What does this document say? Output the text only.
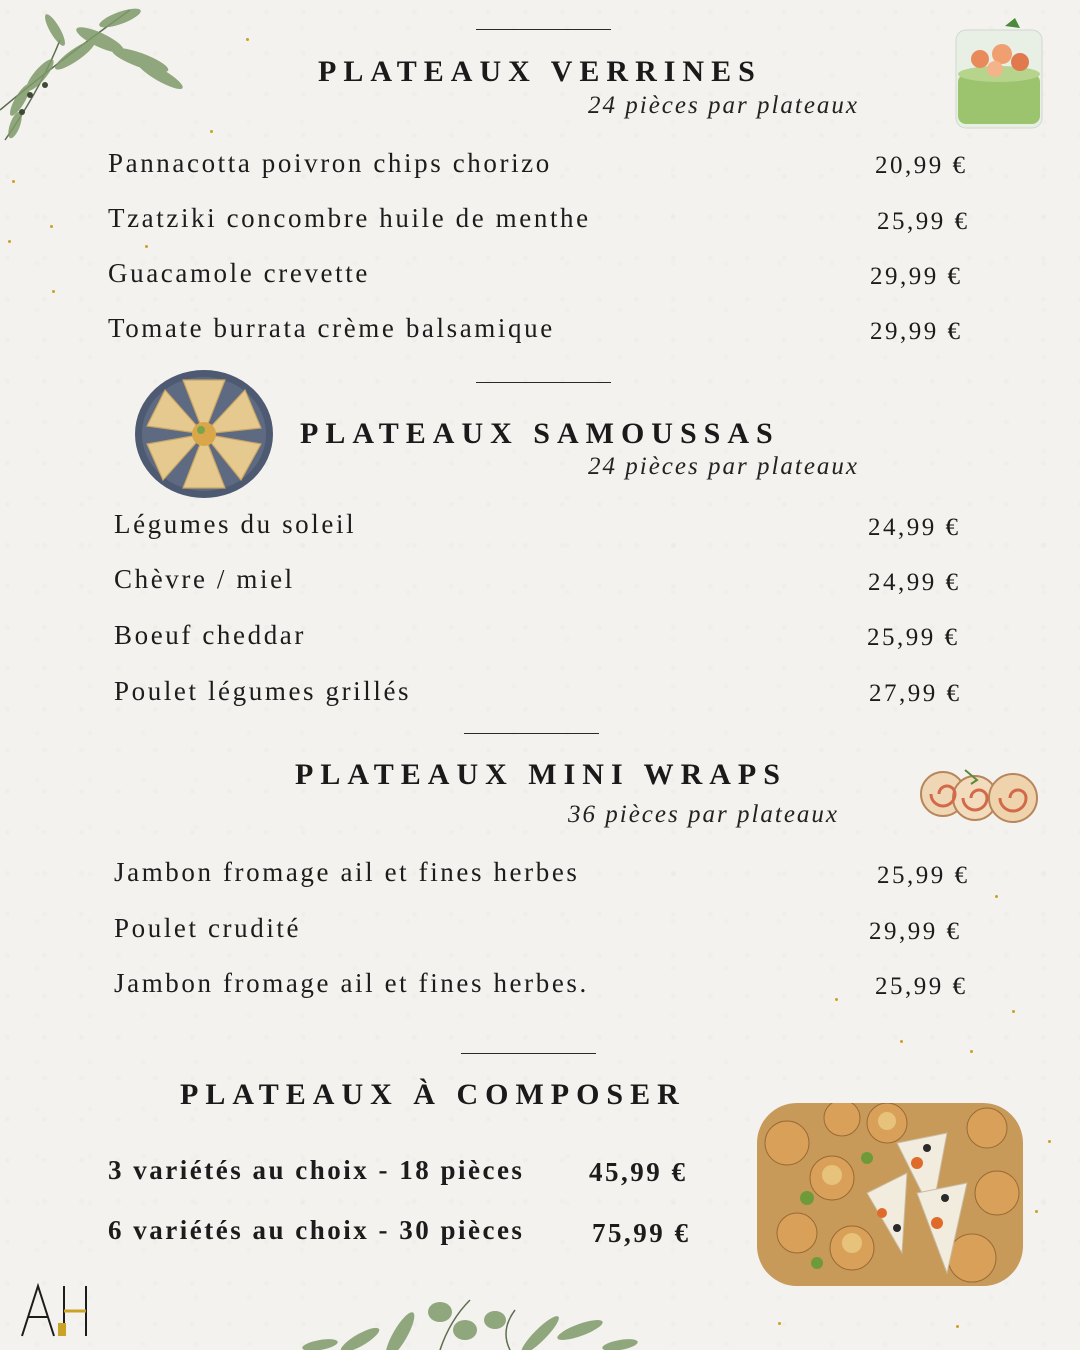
PLATEAUX VERRINES
24 pièces par plateaux
Pannacotta poivron chips chorizo	20,99 €
Tzatziki concombre huile de menthe	25,99 €
Guacamole crevette	29,99 €
Tomate burrata crème balsamique	29,99 €
PLATEAUX SAMOUSSAS
24 pièces par plateaux
Légumes du soleil	24,99 €
Chèvre / miel	24,99 €
Boeuf cheddar	25,99 €
Poulet légumes grillés	27,99 €
PLATEAUX MINI WRAPS
36 pièces par plateaux
Jambon fromage ail et fines herbes	25,99 €
Poulet crudité	29,99 €
Jambon fromage ail et fines herbes.	25,99 €
PLATEAUX À COMPOSER
3 variétés au choix - 18 pièces 45,99 €
6 variétés au choix - 30 pièces	75,99 €
